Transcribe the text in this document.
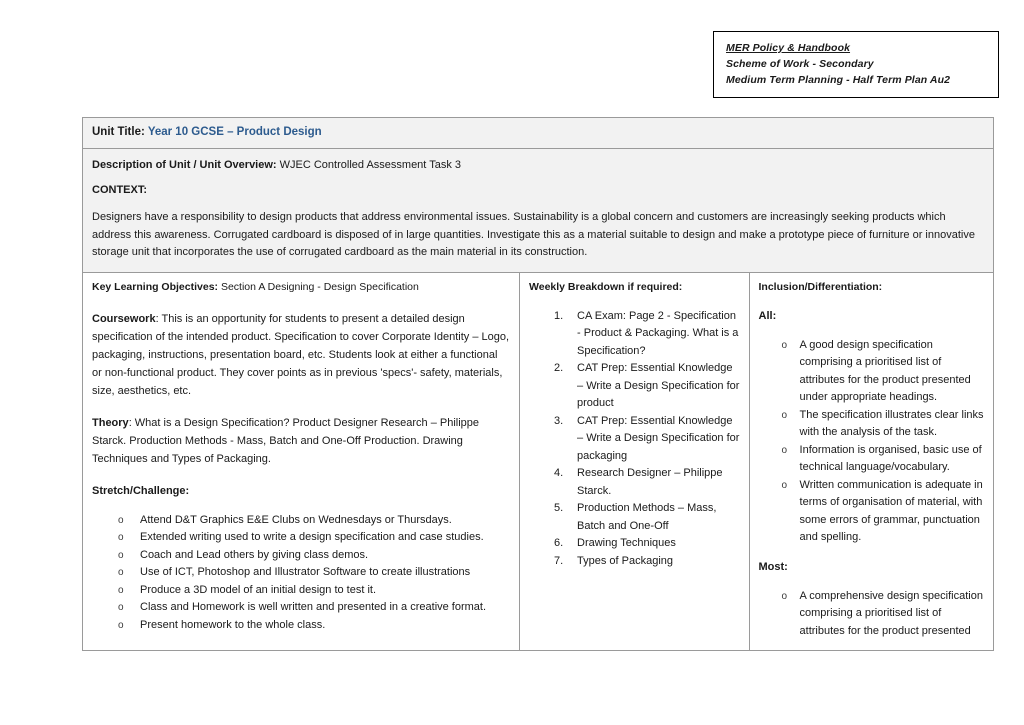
MER Policy & Handbook
Scheme of Work - Secondary
Medium Term Planning - Half Term Plan Au2
Unit Title: Year 10 GCSE – Product Design

Description of Unit / Unit Overview: WJEC Controlled Assessment Task 3

CONTEXT:

Designers have a responsibility to design products that address environmental issues. Sustainability is a global concern and customers are increasingly seeking products which address this awareness. Corrugated cardboard is disposed of in large quantities. Investigate this as a material suitable to design and make a prototype piece of furniture or innovative storage unit that incorporates the use of corrugated cardboard as the main material in its construction.

Key Learning Objectives: Section A Designing - Design Specification

Coursework: This is an opportunity for students to present a detailed design specification of the intended product. Specification to cover Corporate Identity – Logo, packaging, instructions, presentation board, etc. Students look at either a functional or non-functional product. They cover points as in previous 'specs'- safety, materials, size, aesthetics, etc.

Theory: What is a Design Specification? Product Designer Research – Philippe Starck. Production Methods - Mass, Batch and One-Off Production. Drawing Techniques and Types of Packaging.

Stretch/Challenge:

o Attend D&T Graphics E&E Clubs on Wednesdays or Thursdays.
o Extended writing used to write a design specification and case studies.
o Coach and Lead others by giving class demos.
o Use of ICT, Photoshop and Illustrator Software to create illustrations
o Produce a 3D model of an initial design to test it.
o Class and Homework is well written and presented in a creative format.
o Present homework to the whole class.

Weekly Breakdown if required:

CA Exam: Page 2 - Specification - Product & Packaging. What is a Specification?
CAT Prep: Essential Knowledge – Write a Design Specification for product
CAT Prep: Essential Knowledge – Write a Design Specification for packaging
Research Designer – Philippe Starck.
Production Methods – Mass, Batch and One-Off
Drawing Techniques
Types of Packaging

Inclusion/Differentiation:

All:

o A good design specification comprising a prioritised list of attributes for the product presented under appropriate headings.
o The specification illustrates clear links with the analysis of the task.
o Information is organised, basic use of technical language/vocabulary.
o Written communication is adequate in terms of organisation of material, with some errors of grammar, punctuation and spelling.

Most:

o A comprehensive design specification comprising a prioritised list of attributes for the product presented
